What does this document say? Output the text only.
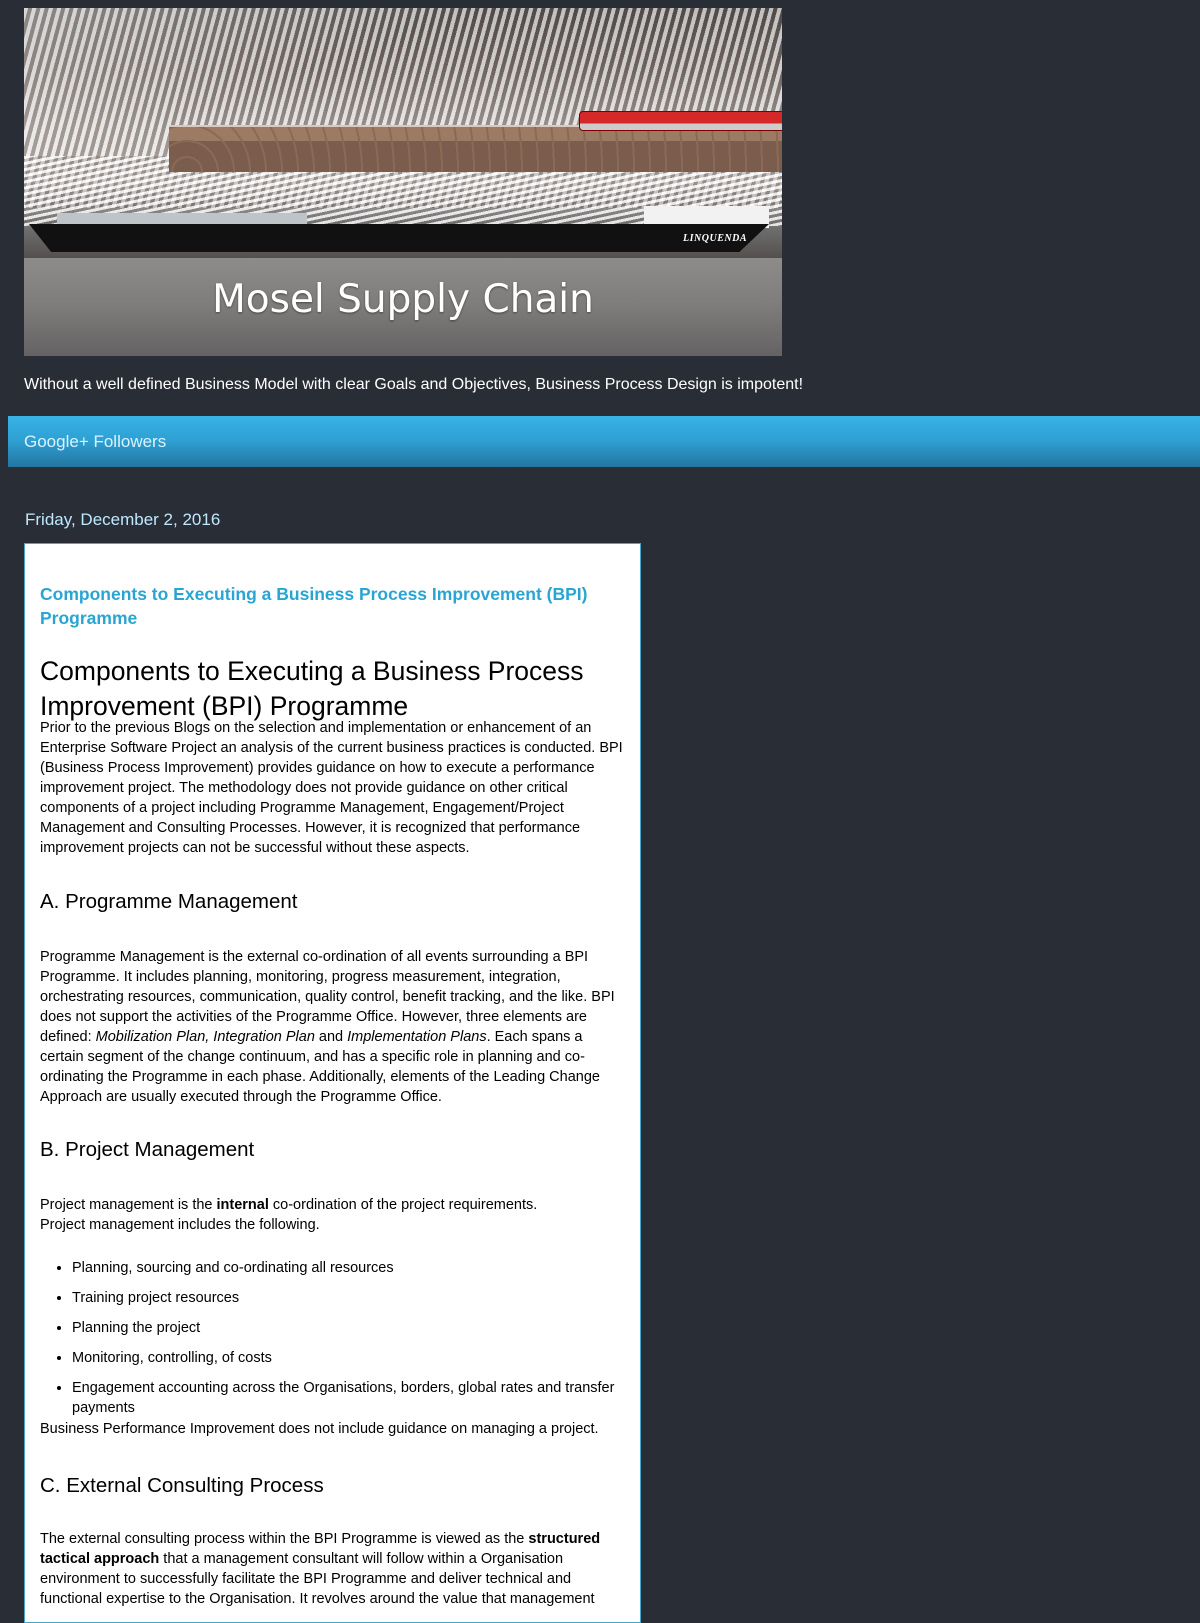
LINQUENDA
Mosel Supply Chain
Without a well defined Business Model with clear Goals and Objectives, Business Process Design is impotent!
Google+ Followers
Friday, December 2, 2016
Components to Executing a Business Process Improvement (BPI) Programme
Components to Executing a Business Process Improvement (BPI) Programme
Prior to the previous Blogs on the selection and implementation or enhancement of an Enterprise Software Project an analysis of the current business practices is conducted. BPI (Business Process Improvement) provides guidance on how to execute a performance improvement project. The methodology does not provide guidance on other critical components of a project including Programme Management, Engagement/Project Management and Consulting Processes. However, it is recognized that performance improvement projects can not be successful without these aspects.
A. Programme Management
Programme Management is the external co-ordination of all events surrounding a BPI Programme. It includes planning, monitoring, progress measurement, integration, orchestrating resources, communication, quality control, benefit tracking, and the like. BPI does not support the activities of the Programme Office. However, three elements are defined: Mobilization Plan, Integration Plan and Implementation Plans. Each spans a certain segment of the change continuum, and has a specific role in planning and co-ordinating the Programme in each phase. Additionally, elements of the Leading Change Approach are usually executed through the Programme Office.
B. Project Management
Project management is the internal co-ordination of the project requirements.
Project management includes the following.
• Planning, sourcing and co-ordinating all resources
• Training project resources
• Planning the project
• Monitoring, controlling, of costs
• Engagement accounting across the Organisations, borders, global rates and transfer payments
Business Performance Improvement does not include guidance on managing a project.
C. External Consulting Process
The external consulting process within the BPI Programme is viewed as the structured tactical approach that a management consultant will follow within a Organisation environment to successfully facilitate the BPI Programme and deliver technical and functional expertise to the Organisation. It revolves around the value that management
